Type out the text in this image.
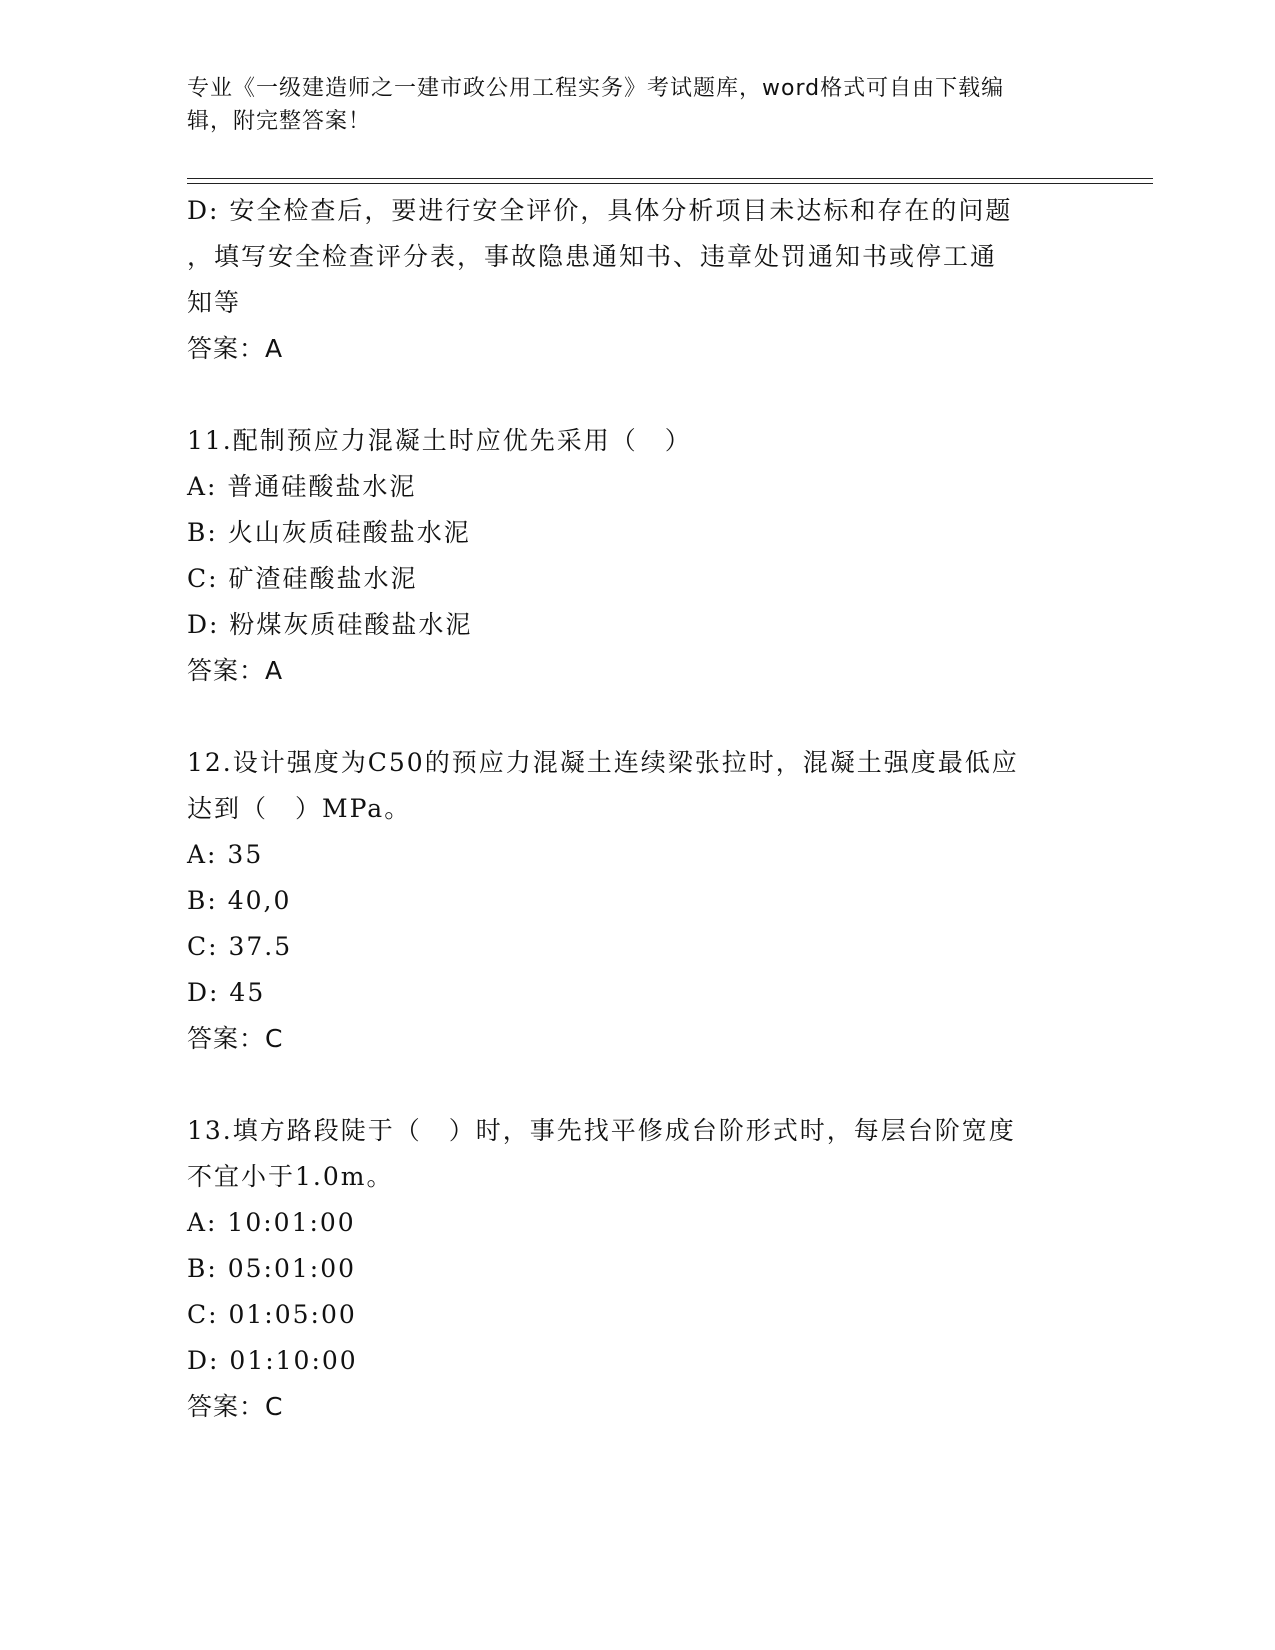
专业《一级建造师之一建市政公用工程实务》考试题库，word格式可自由下载编
辑，附完整答案！
D: 安全检查后，要进行安全评价，具体分析项目未达标和存在的问题
，填写安全检查评分表，事故隐患通知书、违章处罚通知书或停工通
知等
答案：A
11.配制预应力混凝土时应优先采用（　）
A: 普通硅酸盐水泥
B: 火山灰质硅酸盐水泥
C: 矿渣硅酸盐水泥
D: 粉煤灰质硅酸盐水泥
答案：A
12.设计强度为C50的预应力混凝土连续梁张拉时，混凝土强度最低应
达到（　）MPa。
A: 35
B: 40,0
C: 37.5
D: 45
答案：C
13.填方路段陡于（　）时，事先找平修成台阶形式时，每层台阶宽度
不宜小于1.0m。
A: 10:01:00
B: 05:01:00
C: 01:05:00
D: 01:10:00
答案：C
